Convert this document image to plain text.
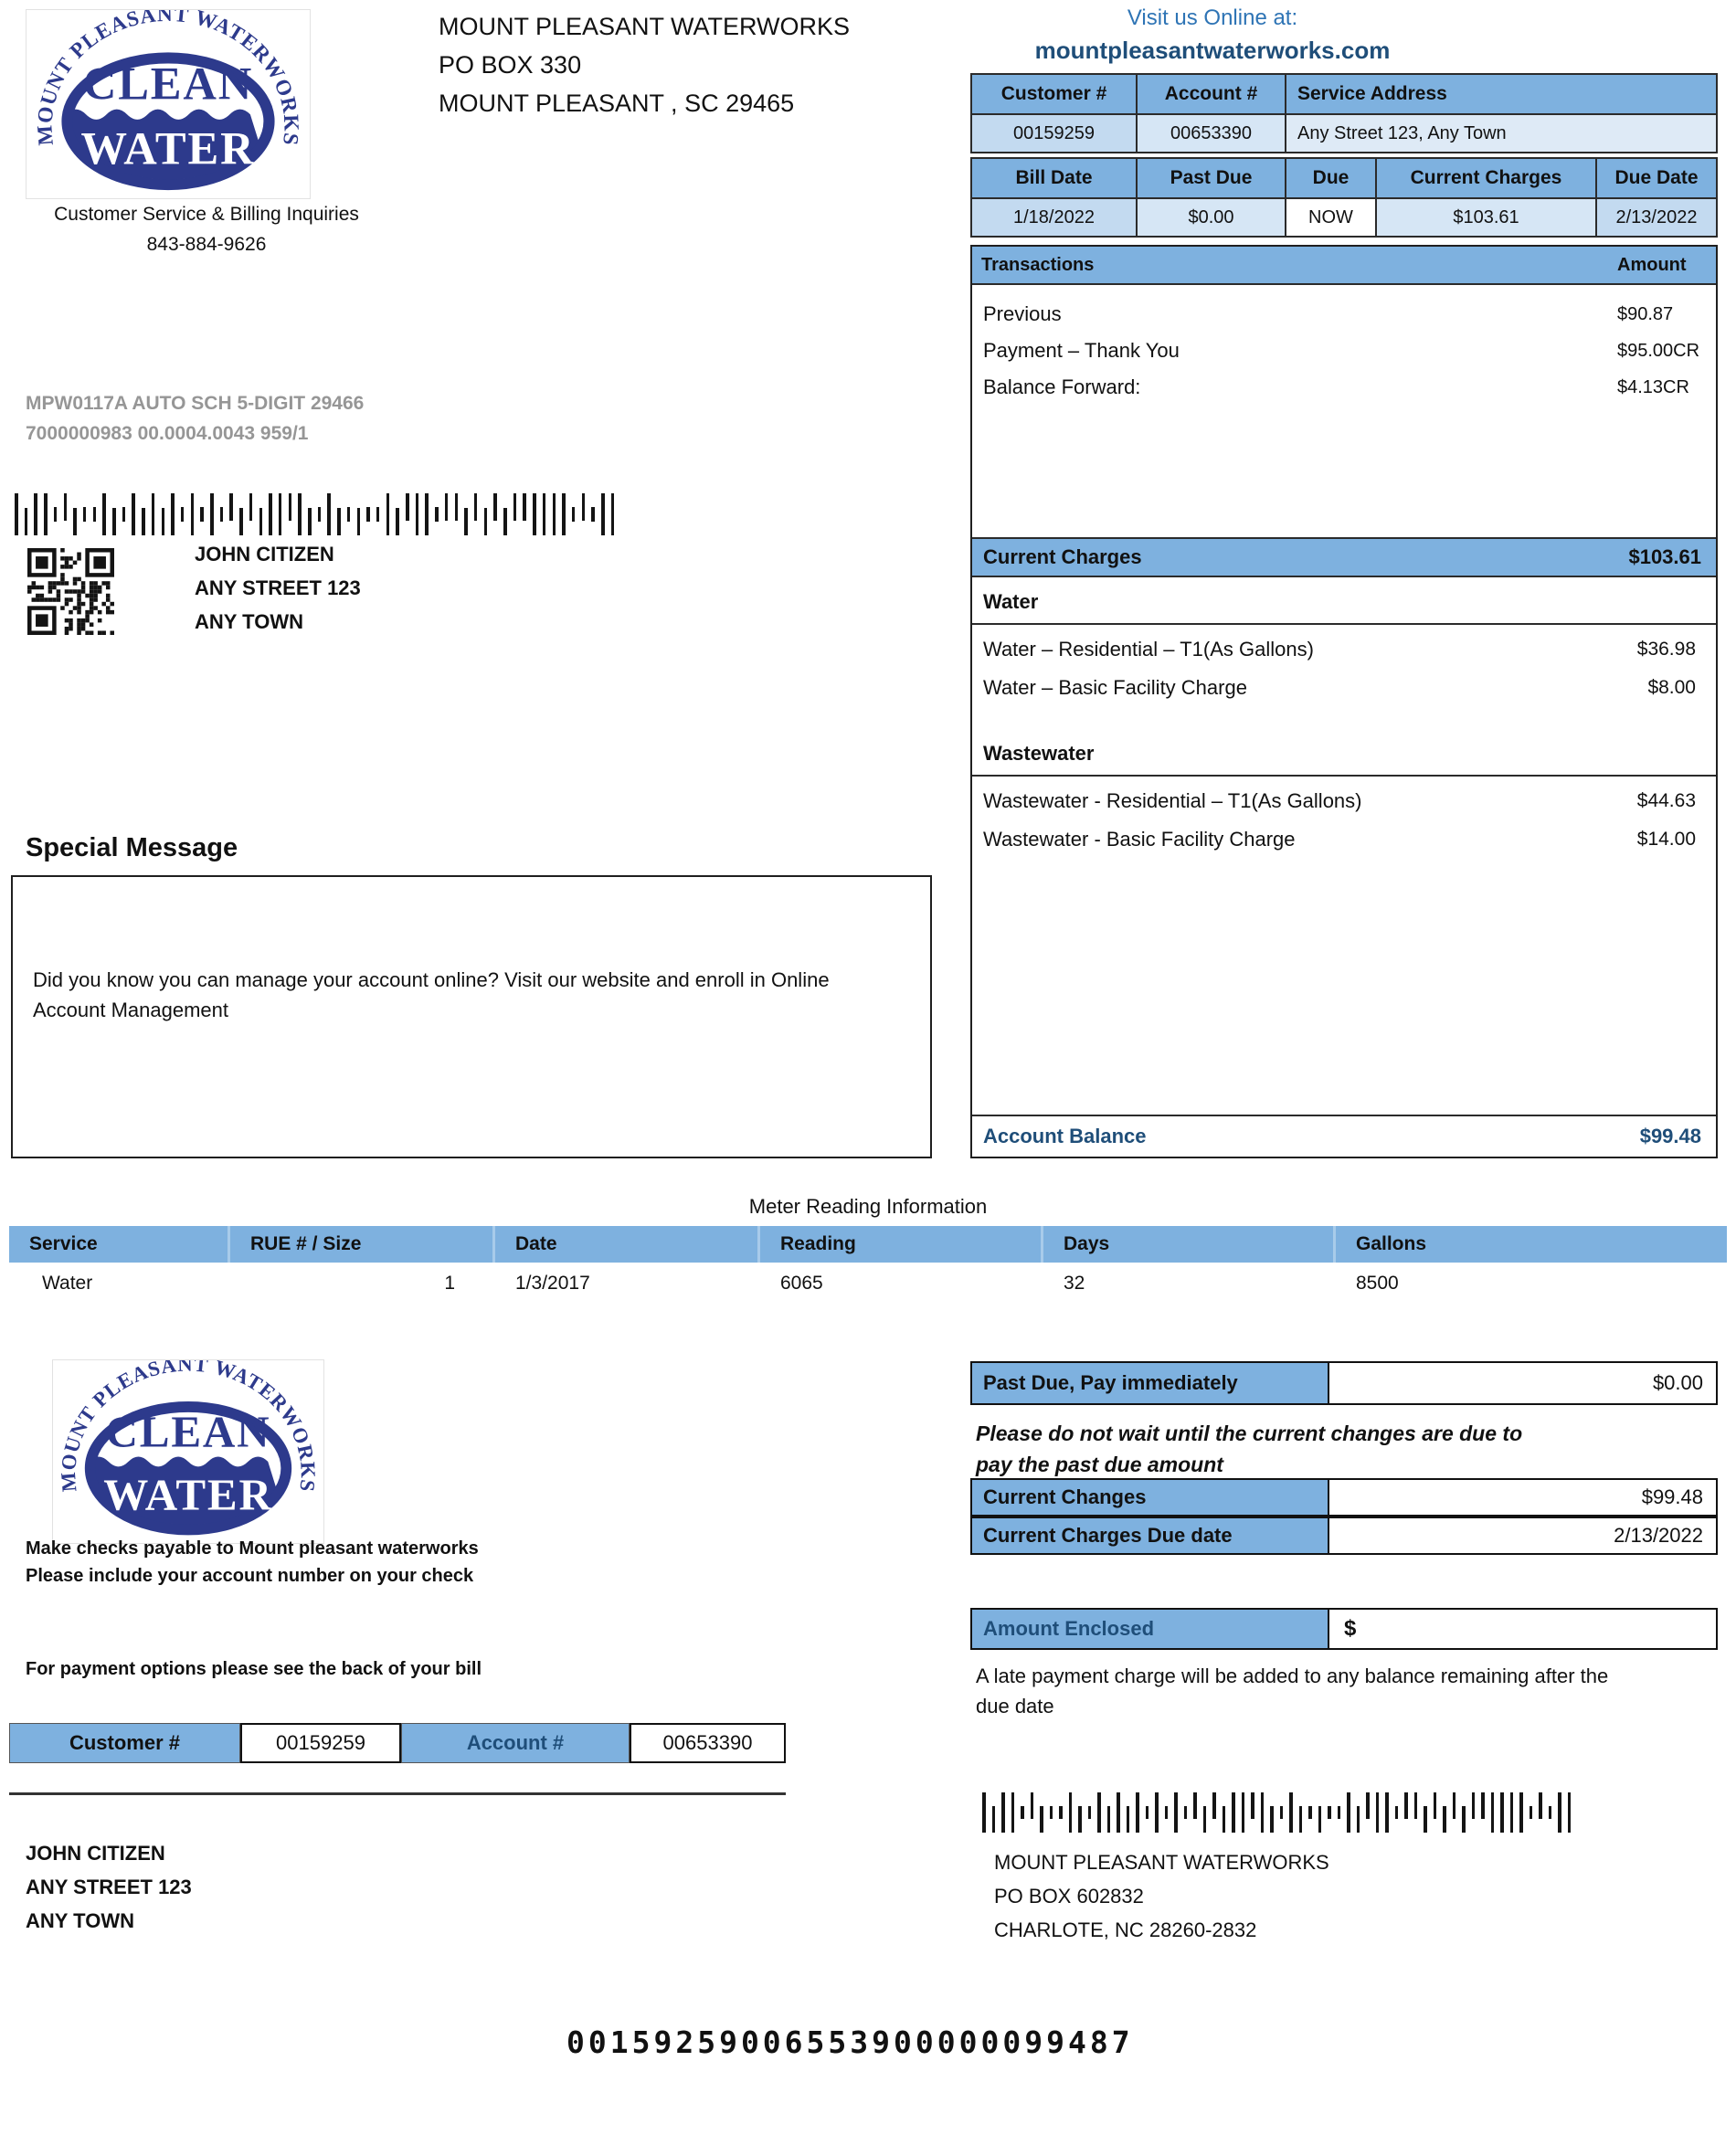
MOUNT PLEASANT WATERWORKS
PO BOX 330
MOUNT PLEASANT , SC 29465
Customer Service & Billing Inquiries
843-884-9626
MPW0117A AUTO SCH 5-DIGIT 29466
7000000983 00.0004.0043 959/1
JOHN CITIZEN
ANY STREET 123
ANY TOWN
Special Message
Did you know you can manage your account online? Visit our website and enroll in Online Account Management
Visit us Online at:
mountpleasantwaterworks.com
Customer #	Account #	Service Address
00159259	00653390	Any Street 123, Any Town
Bill Date	Past Due	Due	Current Charges	Due Date
1/18/2022	$0.00	NOW	$103.61	2/13/2022
Transactions	Amount
Previous	$90.87
Payment – Thank You	$95.00CR
Balance Forward:	$4.13CR
Current Charges	$103.61
Water
Water – Residential – T1(As Gallons)	$36.98
Water – Basic Facility Charge	$8.00
Wastewater
Wastewater - Residential – T1(As Gallons)	$44.63
Wastewater - Basic Facility Charge	$14.00
Account Balance	$99.48
Meter Reading Information
Service	RUE # / Size	Date	Reading	Days	Gallons
Water	1	1/3/2017	6065	32	8500
Make checks payable to Mount pleasant waterworks
Please include your account number on your check
For payment options please see the back of your bill
Customer #	00159259	Account #	00653390
JOHN CITIZEN
ANY STREET 123
ANY TOWN
Past Due, Pay immediately	$0.00
Please do not wait until the current changes are due to pay the past due amount
Current Changes	$99.48
Current Charges Due date	2/13/2022
Amount Enclosed	$
A late payment charge will be added to any balance remaining after the due date
MOUNT PLEASANT WATERWORKS
PO BOX 602832
CHARLOTE, NC 28260-2832
00159259006553900000099487
